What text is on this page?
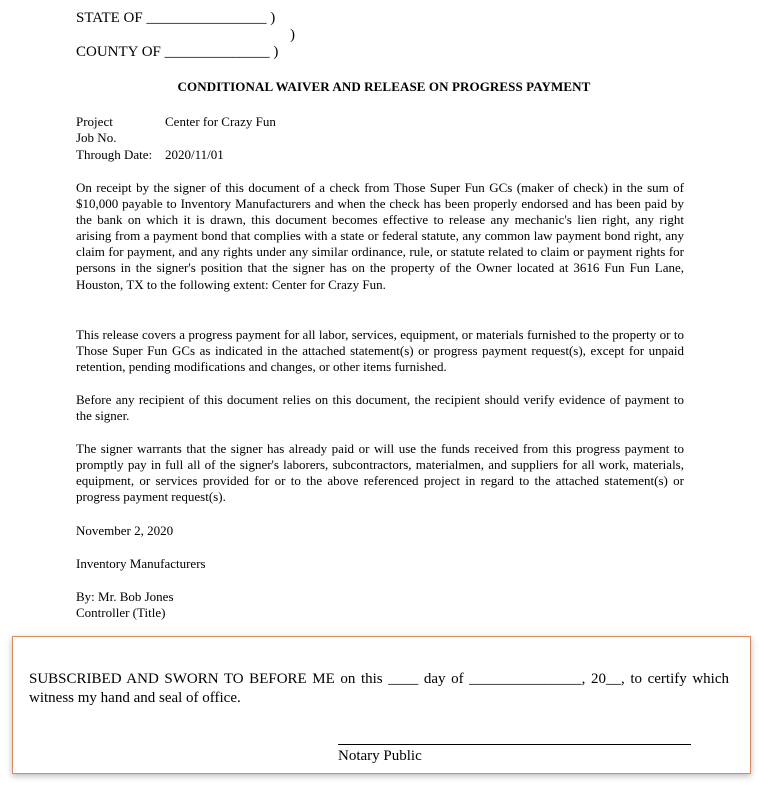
STATE OF ________________ )
)
COUNTY OF ______________ )
CONDITIONAL WAIVER AND RELEASE ON PROGRESS PAYMENT
Project	Center for Crazy Fun
Job No.
Through Date: 2020/11/01

On receipt by the signer of this document of a check from Those Super Fun GCs (maker of check) in the sum of $10,000 payable to Inventory Manufacturers and when the check has been properly endorsed and has been paid by the bank on which it is drawn, this document becomes effective to release any mechanic's lien right, any right arising from a payment bond that complies with a state or federal statute, any common law payment bond right, any claim for payment, and any rights under any similar ordinance, rule, or statute related to claim or payment rights for persons in the signer's position that the signer has on the property of the Owner located at 3616 Fun Fun Lane, Houston, TX to the following extent: Center for Crazy Fun.

This release covers a progress payment for all labor, services, equipment, or materials furnished to the property or to Those Super Fun GCs as indicated in the attached statement(s) or progress payment request(s), except for unpaid retention, pending modifications and changes, or other items furnished.

Before any recipient of this document relies on this document, the recipient should verify evidence of payment to the signer.

The signer warrants that the signer has already paid or will use the funds received from this progress payment to promptly pay in full all of the signer's laborers, subcontractors, materialmen, and suppliers for all work, materials, equipment, or services provided for or to the above referenced project in regard to the attached statement(s) or progress payment request(s).

November 2, 2020
Inventory Manufacturers
By: Mr. Bob Jones
Controller (Title)
SUBSCRIBED AND SWORN TO BEFORE ME on this ____ day of _______________, 20__, to certify which witness my hand and seal of office.
Notary Public
